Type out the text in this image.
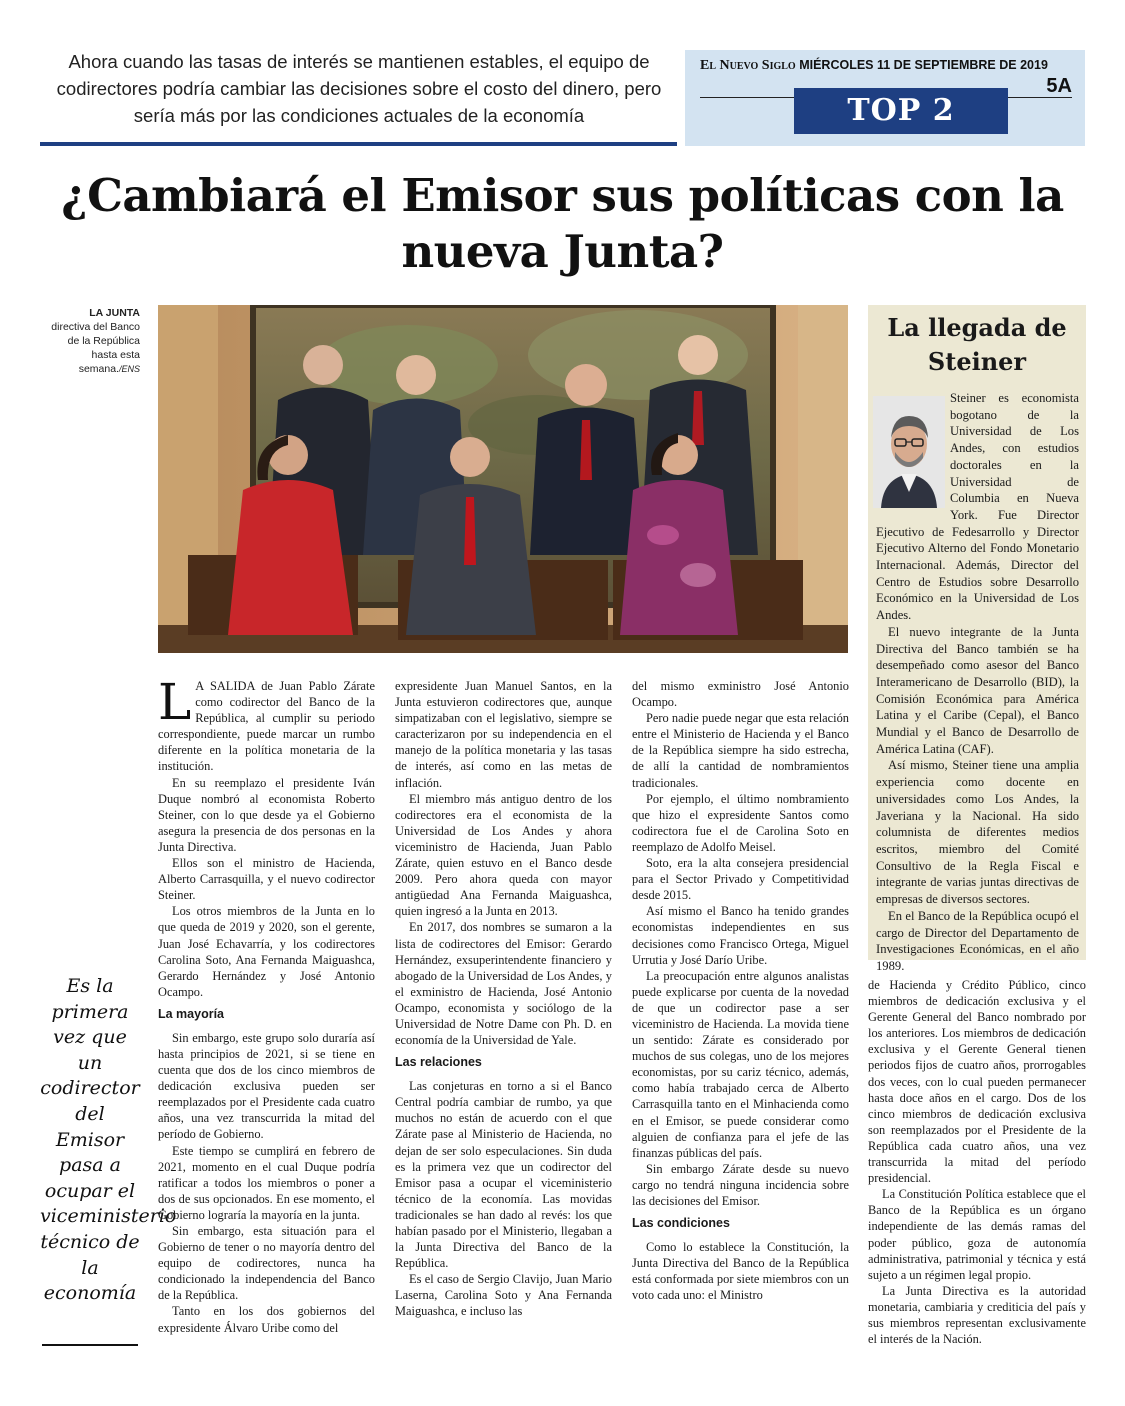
Ahora cuando las tasas de interés se mantienen estables, el equipo de codirectores podría cambiar las decisiones sobre el costo del dinero, pero sería más por las condiciones actuales de la economía
El Nuevo Siglo MIÉRCOLES 11 DE SEPTIEMBRE DE 2019
5A
TOP 2
¿Cambiará el Emisor sus políticas con la nueva Junta?
LA JUNTA
directiva del Banco de la República hasta esta semana./ENS
La llegada de Steiner

Steiner es economista bogotano de la Universidad de Los Andes, con estudios doctorales en la Universidad de Columbia en Nueva York. Fue Director Ejecutivo de Fedesarrollo y Director Ejecutivo Alterno del Fondo Monetario Internacional. Además, Director del Centro de Estudios sobre Desarrollo Económico en la Universidad de Los Andes.

El nuevo integrante de la Junta Directiva del Banco también se ha desempeñado como asesor del Banco Interamericano de Desarrollo (BID), la Comisión Económica para América Latina y el Caribe (Cepal), el Banco Mundial y el Banco de Desarrollo de América Latina (CAF).

Así mismo, Steiner tiene una amplia experiencia como docente en universidades como Los Andes, la Javeriana y la Nacional. Ha sido columnista de diferentes medios escritos, miembro del Comité Consultivo de la Regla Fiscal e integrante de varias juntas directivas de empresas de diversos sectores.

En el Banco de la República ocupó el cargo de Director del Departamento de Investigaciones Económicas, en el año 1989.

L A SALIDA de Juan Pablo Zárate como codirector del Banco de la República, al cumplir su periodo correspondiente, puede marcar un rumbo diferente en la política monetaria de la institución.

En su reemplazo el presidente Iván Duque nombró al economista Roberto Steiner, con lo que desde ya el Gobierno asegura la presencia de dos personas en la Junta Directiva.

Ellos son el ministro de Hacienda, Alberto Carrasquilla, y el nuevo codirector Steiner.

Los otros miembros de la Junta en lo que queda de 2019 y 2020, son el gerente, Juan José Echavarría, y los codirectores Carolina Soto, Ana Fernanda Maiguashca, Gerardo Hernández y José Antonio Ocampo.

La mayoría

Sin embargo, este grupo solo duraría así hasta principios de 2021, si se tiene en cuenta que dos de los cinco miembros de dedicación exclusiva pueden ser reemplazados por el Presidente cada cuatro años, una vez transcurrida la mitad del período de Gobierno.

Este tiempo se cumplirá en febrero de 2021, momento en el cual Duque podría ratificar a todos los miembros o poner a dos de sus opcionados. En ese momento, el Gobierno lograría la mayoría en la junta.

Sin embargo, esta situación para el Gobierno de tener o no mayoría dentro del equipo de codirectores, nunca ha condicionado la independencia del Banco de la República.

Tanto en los dos gobiernos del expresidente Álvaro Uribe como del

expresidente Juan Manuel Santos, en la Junta estuvieron codirectores que, aunque simpatizaban con el legislativo, siempre se caracterizaron por su independencia en el manejo de la política monetaria y las tasas de interés, así como en las metas de inflación.

El miembro más antiguo dentro de los codirectores era el economista de la Universidad de Los Andes y ahora viceministro de Hacienda, Juan Pablo Zárate, quien estuvo en el Banco desde 2009. Pero ahora queda con mayor antigüedad Ana Fernanda Maiguashca, quien ingresó a la Junta en 2013.

En 2017, dos nombres se sumaron a la lista de codirectores del Emisor: Gerardo Hernández, exsuperintendente financiero y abogado de la Universidad de Los Andes, y el exministro de Hacienda, José Antonio Ocampo, economista y sociólogo de la Universidad de Notre Dame con Ph. D. en economía de la Universidad de Yale.

Las relaciones

Las conjeturas en torno a si el Banco Central podría cambiar de rumbo, ya que muchos no están de acuerdo con el que Zárate pase al Ministerio de Hacienda, no dejan de ser solo especulaciones. Sin duda es la primera vez que un codirector del Emisor pasa a ocupar el viceministerio técnico de la economía. Las movidas tradicionales se han dado al revés: los que habían pasado por el Ministerio, llegaban a la Junta Directiva del Banco de la República.

Es el caso de Sergio Clavijo, Juan Mario Laserna, Carolina Soto y Ana Fernanda Maiguashca, e incluso las

del mismo exministro José Antonio Ocampo.

Pero nadie puede negar que esta relación entre el Ministerio de Hacienda y el Banco de la República siempre ha sido estrecha, de allí la cantidad de nombramientos tradicionales.

Por ejemplo, el último nombramiento que hizo el expresidente Santos como codirectora fue el de Carolina Soto en reemplazo de Adolfo Meisel.

Soto, era la alta consejera presidencial para el Sector Privado y Competitividad desde 2015.

Así mismo el Banco ha tenido grandes economistas independientes en sus decisiones como Francisco Ortega, Miguel Urrutia y José Darío Uribe.

La preocupación entre algunos analistas puede explicarse por cuenta de la novedad de que un codirector pase a ser viceministro de Hacienda. La movida tiene un sentido: Zárate es considerado por muchos de sus colegas, uno de los mejores economistas, por su cariz técnico, además, como había trabajado cerca de Alberto Carrasquilla tanto en el Minhacienda como en el Emisor, se puede considerar como alguien de confianza para el jefe de las finanzas públicas del país.

Sin embargo Zárate desde su nuevo cargo no tendrá ninguna incidencia sobre las decisiones del Emisor.

Las condiciones

Como lo establece la Constitución, la Junta Directiva del Banco de la República está conformada por siete miembros con un voto cada uno: el Ministro

de Hacienda y Crédito Público, cinco miembros de dedicación exclusiva y el Gerente General del Banco nombrado por los anteriores. Los miembros de dedicación exclusiva y el Gerente General tienen periodos fijos de cuatro años, prorrogables dos veces, con lo cual pueden permanecer hasta doce años en el cargo. Dos de los cinco miembros de dedicación exclusiva son reemplazados por el Presidente de la República cada cuatro años, una vez transcurrida la mitad del período presidencial.

La Constitución Política establece que el Banco de la República es un órgano independiente de las demás ramas del poder público, goza de autonomía administrativa, patrimonial y técnica y está sujeto a un régimen legal propio.

La Junta Directiva es la autoridad monetaria, cambiaria y crediticia del país y sus miembros representan exclusivamente el interés de la Nación.

Es la primera vez que un codirector del Emisor pasa a ocupar el viceministerio técnico de la economía
